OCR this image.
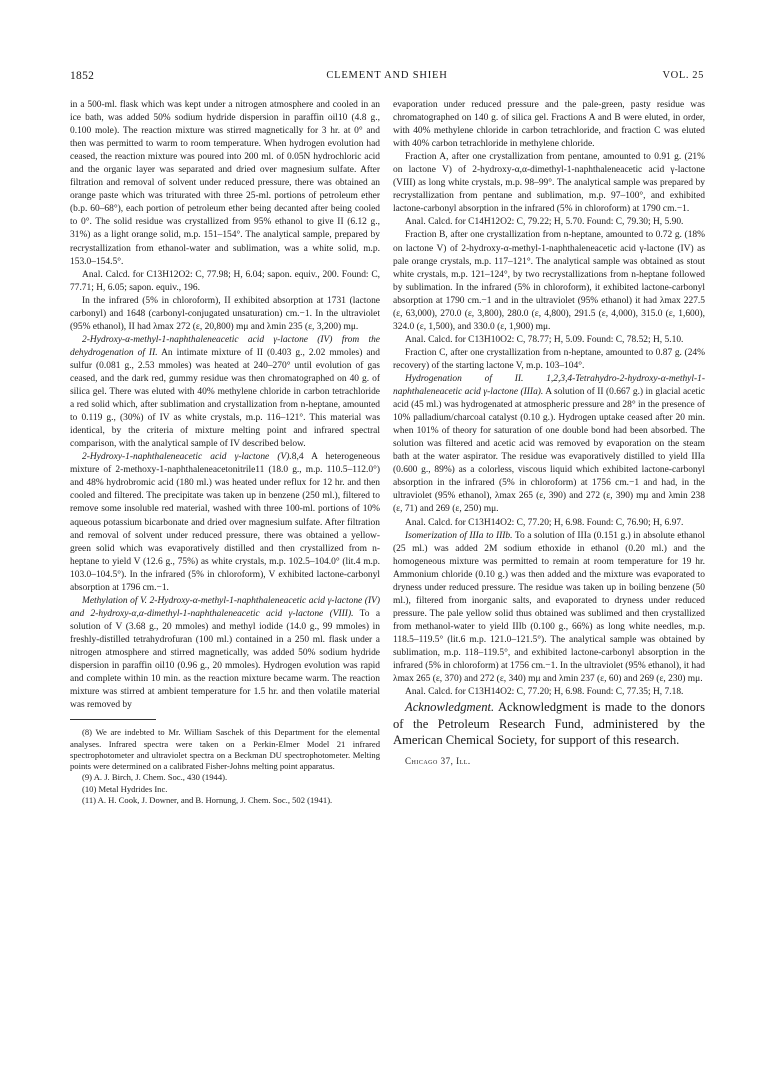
1852	CLEMENT AND SHIEH	VOL. 25

in a 500-ml. flask which was kept under a nitrogen atmosphere and cooled in an ice bath, was added 50% sodium hydride dispersion in paraffin oil10 (4.8 g., 0.100 mole). The reaction mixture was stirred magnetically for 3 hr. at 0° and then was permitted to warm to room temperature. When hydrogen evolution had ceased, the reaction mixture was poured into 200 ml. of 0.05N hydrochloric acid and the organic layer was separated and dried over magnesium sulfate. After filtration and removal of solvent under reduced pressure, there was obtained an orange paste which was triturated with three 25-ml. portions of petroleum ether (b.p. 60–68°), each portion of petroleum ether being decanted after being cooled to 0°. The solid residue was crystallized from 95% ethanol to give II (6.12 g., 31%) as a light orange solid, m.p. 151–154°. The analytical sample, prepared by recrystallization from ethanol-water and sublimation, was a white solid, m.p. 153.0–154.5°.

Anal. Calcd. for C13H12O2: C, 77.98; H, 6.04; sapon. equiv., 200. Found: C, 77.71; H, 6.05; sapon. equiv., 196.

In the infrared (5% in chloroform), II exhibited absorption at 1731 (lactone carbonyl) and 1648 (carbonyl-conjugated unsaturation) cm.−1. In the ultraviolet (95% ethanol), II had λmax 272 (ε, 20,800) mμ and λmin 235 (ε, 3,200) mμ.

2-Hydroxy-α-methyl-1-naphthaleneacetic acid γ-lactone (IV) from the dehydrogenation of II. An intimate mixture of II (0.403 g., 2.02 mmoles) and sulfur (0.081 g., 2.53 mmoles) was heated at 240–270° until evolution of gas ceased, and the dark red, gummy residue was then chromatographed on 40 g. of silica gel. There was eluted with 40% methylene chloride in carbon tetrachloride a red solid which, after sublimation and crystallization from n-heptane, amounted to 0.119 g., (30%) of IV as white crystals, m.p. 116–121°. This material was identical, by the criteria of mixture melting point and infrared spectral comparison, with the analytical sample of IV described below.

2-Hydroxy-1-naphthaleneacetic acid γ-lactone (V).8,4 A heterogeneous mixture of 2-methoxy-1-naphthaleneacetonitrile11 (18.0 g., m.p. 110.5–112.0°) and 48% hydrobromic acid (180 ml.) was heated under reflux for 12 hr. and then cooled and filtered. The precipitate was taken up in benzene (250 ml.), filtered to remove some insoluble red material, washed with three 100-ml. portions of 10% aqueous potassium bicarbonate and dried over magnesium sulfate. After filtration and removal of solvent under reduced pressure, there was obtained a yellow-green solid which was evaporatively distilled and then crystallized from n-heptane to yield V (12.6 g., 75%) as white crystals, m.p. 102.5–104.0° (lit.4 m.p. 103.0–104.5°). In the infrared (5% in chloroform), V exhibited lactone-carbonyl absorption at 1796 cm.−1.

Methylation of V. 2-Hydroxy-α-methyl-1-naphthaleneacetic acid γ-lactone (IV) and 2-hydroxy-α,α-dimethyl-1-naphthaleneacetic acid γ-lactone (VIII). To a solution of V (3.68 g., 20 mmoles) and methyl iodide (14.0 g., 99 mmoles) in freshly-distilled tetrahydrofuran (100 ml.) contained in a 250 ml. flask under a nitrogen atmosphere and stirred magnetically, was added 50% sodium hydride dispersion in paraffin oil10 (0.96 g., 20 mmoles). Hydrogen evolution was rapid and complete within 10 min. as the reaction mixture became warm. The reaction mixture was stirred at ambient temperature for 1.5 hr. and then volatile material was removed by

(8) We are indebted to Mr. William Saschek of this Department for the elemental analyses. Infrared spectra were taken on a Perkin-Elmer Model 21 infrared spectrophotometer and ultraviolet spectra on a Beckman DU spectrophotometer. Melting points were determined on a calibrated Fisher-Johns melting point apparatus.

(9) A. J. Birch, J. Chem. Soc., 430 (1944).

(10) Metal Hydrides Inc.

(11) A. H. Cook, J. Downer, and B. Hornung, J. Chem. Soc., 502 (1941).

evaporation under reduced pressure and the pale-green, pasty residue was chromatographed on 140 g. of silica gel. Fractions A and B were eluted, in order, with 40% methylene chloride in carbon tetrachloride, and fraction C was eluted with 40% carbon tetrachloride in methylene chloride.

Fraction A, after one crystallization from pentane, amounted to 0.91 g. (21% on lactone V) of 2-hydroxy-α,α-dimethyl-1-naphthaleneacetic acid γ-lactone (VIII) as long white crystals, m.p. 98–99°. The analytical sample was prepared by recrystallization from pentane and sublimation, m.p. 97–100°, and exhibited lactone-carbonyl absorption in the infrared (5% in chloroform) at 1790 cm.−1.

Anal. Calcd. for C14H12O2: C, 79.22; H, 5.70. Found: C, 79.30; H, 5.90.

Fraction B, after one crystallization from n-heptane, amounted to 0.72 g. (18% on lactone V) of 2-hydroxy-α-methyl-1-naphthaleneacetic acid γ-lactone (IV) as pale orange crystals, m.p. 117–121°. The analytical sample was obtained as stout white crystals, m.p. 121–124°, by two recrystallizations from n-heptane followed by sublimation. In the infrared (5% in chloroform), it exhibited lactone-carbonyl absorption at 1790 cm.−1 and in the ultraviolet (95% ethanol) it had λmax 227.5 (ε, 63,000), 270.0 (ε, 3,800), 280.0 (ε, 4,800), 291.5 (ε, 4,000), 315.0 (ε, 1,600), 324.0 (ε, 1,500), and 330.0 (ε, 1,900) mμ.

Anal. Calcd. for C13H10O2: C, 78.77; H, 5.09. Found: C, 78.52; H, 5.10.

Fraction C, after one crystallization from n-heptane, amounted to 0.87 g. (24% recovery) of the starting lactone V, m.p. 103–104°.

Hydrogenation of II. 1,2,3,4-Tetrahydro-2-hydroxy-α-methyl-1-naphthaleneacetic acid γ-lactone (IIIa). A solution of II (0.667 g.) in glacial acetic acid (45 ml.) was hydrogenated at atmospheric pressure and 28° in the presence of 10% palladium/charcoal catalyst (0.10 g.). Hydrogen uptake ceased after 20 min. when 101% of theory for saturation of one double bond had been absorbed. The solution was filtered and acetic acid was removed by evaporation on the steam bath at the water aspirator. The residue was evaporatively distilled to yield IIIa (0.600 g., 89%) as a colorless, viscous liquid which exhibited lactone-carbonyl absorption in the infrared (5% in chloroform) at 1756 cm.−1 and had, in the ultraviolet (95% ethanol), λmax 265 (ε, 390) and 272 (ε, 390) mμ and λmin 238 (ε, 71) and 269 (ε, 250) mμ.

Anal. Calcd. for C13H14O2: C, 77.20; H, 6.98. Found: C, 76.90; H, 6.97.

Isomerization of IIIa to IIIb. To a solution of IIIa (0.151 g.) in absolute ethanol (25 ml.) was added 2M sodium ethoxide in ethanol (0.20 ml.) and the homogeneous mixture was permitted to remain at room temperature for 19 hr. Ammonium chloride (0.10 g.) was then added and the mixture was evaporated to dryness under reduced pressure. The residue was taken up in boiling benzene (50 ml.), filtered from inorganic salts, and evaporated to dryness under reduced pressure. The pale yellow solid thus obtained was sublimed and then crystallized from methanol-water to yield IIIb (0.100 g., 66%) as long white needles, m.p. 118.5–119.5° (lit.6 m.p. 121.0–121.5°). The analytical sample was obtained by sublimation, m.p. 118–119.5°, and exhibited lactone-carbonyl absorption in the infrared (5% in chloroform) at 1756 cm.−1. In the ultraviolet (95% ethanol), it had λmax 265 (ε, 370) and 272 (ε, 340) mμ and λmin 237 (ε, 60) and 269 (ε, 230) mμ.

Anal. Calcd. for C13H14O2: C, 77.20; H, 6.98. Found: C, 77.35; H, 7.18.

Acknowledgment. Acknowledgment is made to the donors of the Petroleum Research Fund, administered by the American Chemical Society, for support of this research.

Chicago 37, Ill.
